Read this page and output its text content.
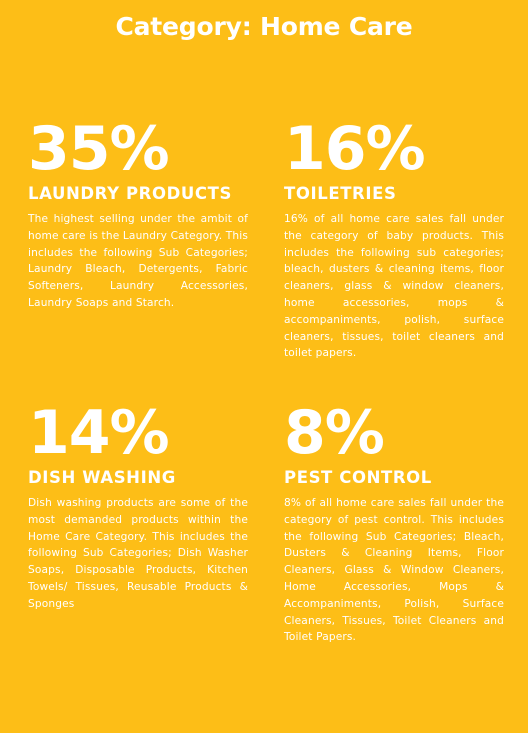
Category: Home Care
35%
LAUNDRY PRODUCTS
The highest selling under the ambit of home care is the Laundry Category. This includes the following Sub Categories; Laundry Bleach, Detergents, Fabric Softeners, Laundry Accessories, Laundry Soaps and Starch.
16%
TOILETRIES
16% of all home care sales fall under the category of baby products. This includes the following sub categories; bleach, dusters & cleaning items, floor cleaners, glass & window cleaners, home accessories, mops & accompaniments, polish, surface cleaners, tissues, toilet cleaners and toilet papers.
14%
DISH WASHING
Dish washing products are some of the most demanded products within the Home Care Category. This includes the following Sub Categories; Dish Washer Soaps, Disposable Products, Kitchen Towels/ Tissues, Reusable Products & Sponges
8%
PEST CONTROL
8% of all home care sales fall under the category of pest control. This includes the following Sub Categories; Bleach, Dusters & Cleaning Items, Floor Cleaners, Glass & Window Cleaners, Home Accessories, Mops & Accompaniments, Polish, Surface Cleaners, Tissues, Toilet Cleaners and Toilet Papers.
